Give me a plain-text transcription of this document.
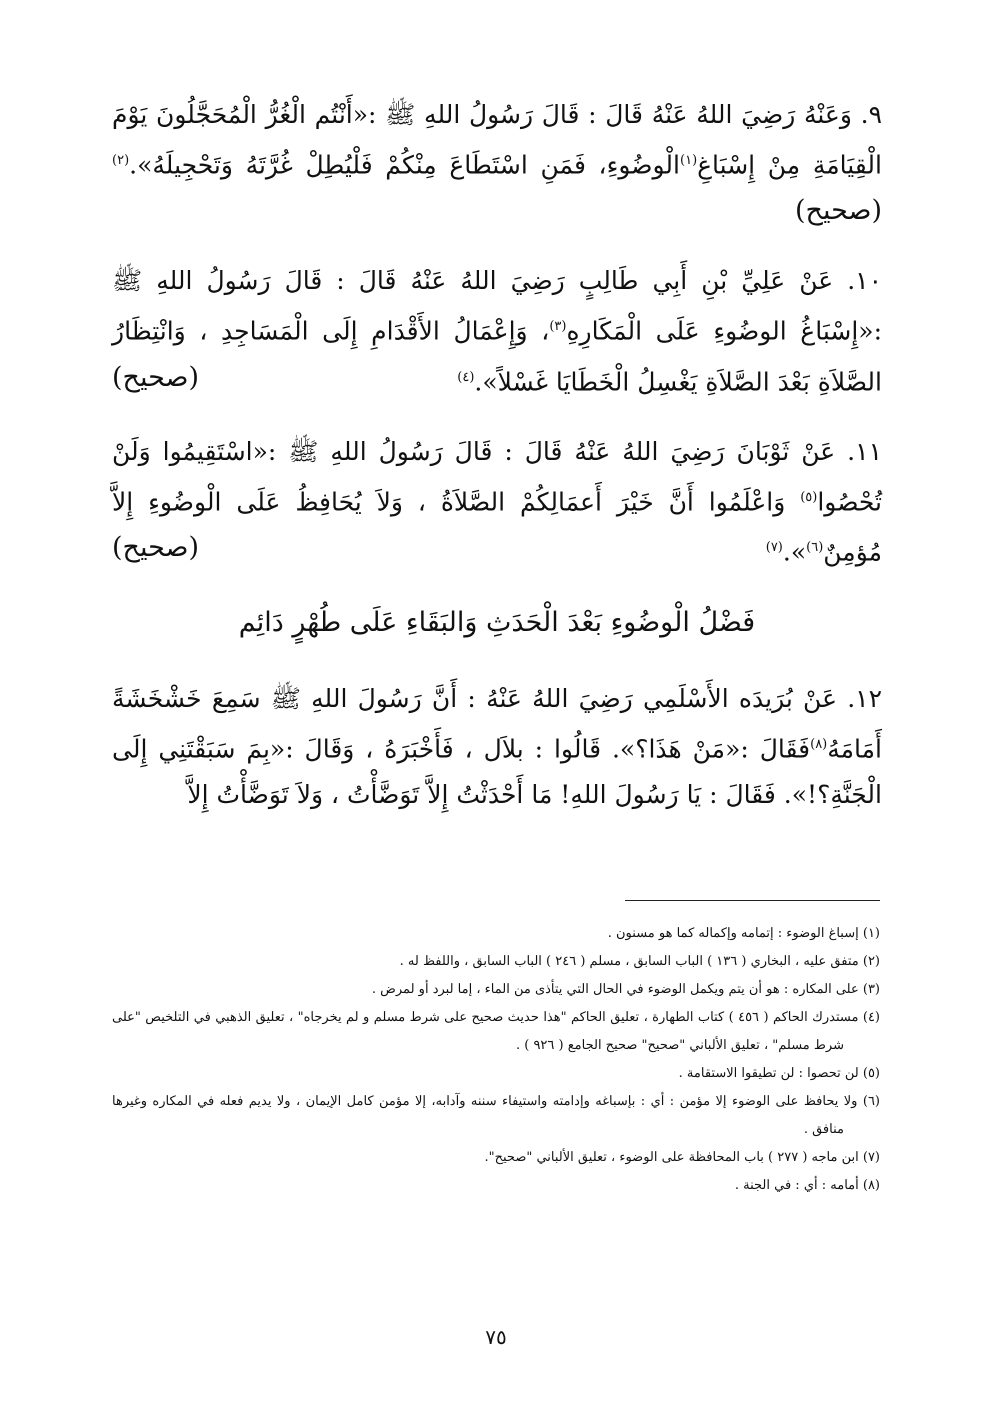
٩. وَعَنْهُ رَضِيَ اللهُ عَنْهُ قَالَ : قَالَ رَسُولُ اللهِ ﷺ :«أَنْتُم الْغُرُّ الْمُحَجَّلُونَ يَوْمَ الْقِيَامَةِ مِنْ إِسْبَاغِ$^{(١)}$الْوضُوءِ، فَمَنِ اسْتَطَاعَ مِنْكُمْ فَلْيُطِلْ غُرَّتَهُ وَتَحْجِيلَهُ».$^{(٢)}$ (صحيح)

١٠. عَنْ عَلِيِّ بْنِ أَبِي طَالِبٍ رَضِيَ اللهُ عَنْهُ قَالَ : قَالَ رَسُولُ اللهِ ﷺ :«إِسْبَاغُ الوضُوءِ عَلَى الْمَكَارِهِ$^{(٣)}$، وَإِعْمَالُ الأَقْدَامِ إِلَى الْمَسَاجِدِ ، وَانْتِظَارُ الصَّلاَةِ بَعْدَ الصَّلاَةِ يَغْسِلُ الْخَطَايَا غَسْلاً».$^{(٤)}$
(صحيح)

١١. عَنْ ثَوْبَانَ رَضِيَ اللهُ عَنْهُ قَالَ : قَالَ رَسُولُ اللهِ ﷺ :«اسْتَقِيمُوا وَلَنْ تُحْصُوا$^{(٥)}$ وَاعْلَمُوا أَنَّ خَيْرَ أَعمَالِكُمْ الصَّلاَةُ ، وَلاَ يُحَافِظُ عَلَى الْوضُوءِ إِلاَّ مُؤمِنٌ$^{(٦)}$».$^{(٧)}$
(صحيح)

فَضْلُ الْوضُوءِ بَعْدَ الْحَدَثِ وَالبَقَاءِ عَلَى طُهْرٍ دَائِم

١٢. عَنْ بُرَيدَه الأَسْلَمِي رَضِيَ اللهُ عَنْهُ : أَنَّ رَسُولَ اللهِ ﷺ سَمِعَ خَشْخَشَةً أَمَامَهُ$^{(٨)}$فَقَالَ :«مَنْ هَذَا؟». قَالُوا : بلاَل ، فَأَخْبَرَهُ ، وَقَالَ :«بِمَ سَبَقْتَنِي إِلَى الْجَنَّةِ؟!». فَقَالَ : يَا رَسُولَ اللهِ! مَا أَحْدَثْتُ إِلاَّ تَوَضَّأْتُ ، وَلاَ تَوَضَّأْتُ إِلاَّ

(١) إسباغ الوضوء : إتمامه وإكماله كما هو مسنون .

(٢) متفق عليه ، البخاري ( ١٣٦ ) الباب السابق ، مسلم ( ٢٤٦ ) الباب السابق ، واللفظ له .

(٣) على المكاره : هو أن يتم ويكمل الوضوء في الحال التي يتأذى من الماء ، إما لبرد أو لمرض .

(٤) مستدرك الحاكم ( ٤٥٦ ) كتاب الطهارة ، تعليق الحاكم "هذا حديث صحيح على شرط مسلم و لم يخرجاه" ، تعليق الذهبي في التلخيص "على شرط مسلم" ، تعليق الألباني "صحيح" صحيح الجامع ( ٩٢٦ ) .

(٥) لن تحصوا : لن تطيقوا الاستقامة .

(٦) ولا يحافظ على الوضوء إلا مؤمن : أي : بإسباغه وإدامته واستيفاء سننه وآدابه، إلا مؤمن كامل الإيمان ، ولا يديم فعله في المكاره وغيرها منافق .

(٧) ابن ماجه ( ٢٧٧ ) باب المحافظة على الوضوء ، تعليق الألباني "صحيح".

(٨) أمامه : أي : في الجنة .

٧٥
